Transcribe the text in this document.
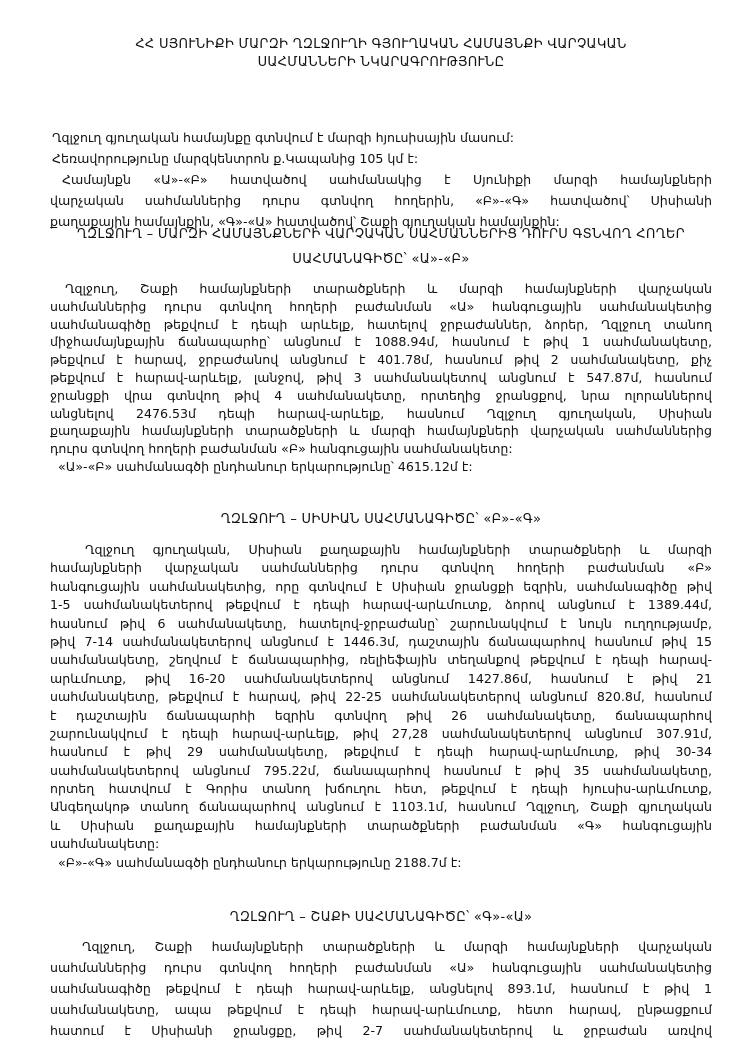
ՀՀ ՍՅՈՒՆԻՔԻ ՄԱՐԶԻ ՂԶԼՋՈՒՂԻ ԳՅՈՒՂԱԿԱՆ ՀԱՄԱՅՆՔԻ ՎԱՐՉԱԿԱՆ
ՍԱՀՄԱՆՆԵՐԻ ՆԿԱՐԱԳՐՈՒԹՅՈՒՆԸ
Ղզլջուղ գյուղական համայնքը գտնվում է մարզի հյուսիսային մասում:
Հեռավորությունը մարզկենտրոն ք.Կապանից 105 կմ է:
Համայնքն «Ա»-«Բ» հատվածով սահմանակից է Սյունիքի մարզի համայնքների
վարչական սահմաններից դուրս գտնվող հողերին, «Բ»-«Գ» հատվածով՝ Սիսիանի
քաղաքային համայնքին, «Գ»-«Ա» հատվածով՝ Շաքի գյուղական համայնքին:
ՂԶԼՋՈՒՂ – ՄԱՐԶԻ ՀԱՄԱՅՆՔՆԵՐԻ ՎԱՐՉԱԿԱՆ ՍԱՀՄԱՆՆԵՐԻՑ ԴՈՒՐՍ ԳՏՆՎՈՂ ՀՈՂԵՐ
ՍԱՀՄԱՆԱԳԻԾԸ՝ «Ա»-«Բ»
Ղզլջուղ, Շաքի համայնքների տարածքների և մարզի համայնքների վարչական
սահմաններից դուրս գտնվող հողերի բաժանման «Ա» հանգուցային սահմանակետից
սահմանագիծը թեքվում է դեպի արևելք, հատելով ջրբաժաններ, ձորեր, Ղզլջուղ տանող
միջհամայնքային ճանապարհը՝ անցնում է 1088.94մ, հասնում է թիվ 1 սահմանակետը,
թեքվում է հարավ, ջրբաժանով անցնում է 401.78մ, հասնում թիվ 2 սահմանակետը, քիչ
թեքվում է հարավ-արևելք, լանջով, թիվ 3 սահմանակետով անցնում է 547.87մ, հասնում
ջրանցքի վրա գտնվող թիվ 4 սահմանակետը, որտեղից ջրանցքով, նրա ոլորաններով
անցնելով 2476.53մ դեպի հարավ-արևելք, հասնում Ղզլջուղ գյուղական, Սիսիան
քաղաքային համայնքների տարածքների և մարզի համայնքների վարչական սահմաններից
դուրս գտնվող հողերի բաժանման «Բ» հանգուցային սահմանակետը:
«Ա»-«Բ» սահմանագծի ընդհանուր երկարությունը՝ 4615.12մ է:
ՂԶԼՋՈՒՂ – ՍԻՍԻԱՆ ՍԱՀՄԱՆԱԳԻԾԸ՝ «Բ»-«Գ»
Ղզլջուղ գյուղական, Սիսիան քաղաքային համայնքների տարածքների և մարզի
համայնքների վարչական սահմաններից դուրս գտնվող հողերի բաժանման «Բ»
հանգուցային սահմանակետից, որը գտնվում է Սիսիան ջրանցքի եզրին, սահմանագիծը թիվ
1-5 սահմանակետերով թեքվում է դեպի հարավ-արևմուտք, ձորով անցնում է 1389.44մ,
հասնում թիվ 6 սահմանակետը, հատելով-ջրբաժանը՝ շարունակվում է նույն ուղղությամբ,
թիվ 7-14 սահմանակետերով անցնում է 1446.3մ, դաշտային ճանապարհով հասնում թիվ 15
սահմանակետը, շեղվում է ճանապարհից, ռելիեֆային տեղանքով թեքվում է դեպի հարավ-
արևմուտք, թիվ 16-20 սահմանակետերով անցնում 1427.86մ, հասնում է թիվ 21
սահմանակետը, թեքվում է հարավ, թիվ 22-25 սահմանակետերով անցնում 820.8մ, հասնում
է դաշտային ճանապարհի եզրին գտնվող թիվ 26 սահմանակետը, ճանապարհով
շարունակվում է դեպի հարավ-արևելք, թիվ 27,28 սահմանակետերով անցնում 307.91մ,
հասնում է թիվ 29 սահմանակետը, թեքվում է դեպի հարավ-արևմուտք, թիվ 30-34
սահմանակետերով անցնում 795.22մ, ճանապարհով հասնում է թիվ 35 սահմանակետը,
որտեղ հատվում է Գորիս տանող խճուղու հետ, թեքվում է դեպի հյուսիս-արևմուտք,
Անգեղակոթ տանող ճանապարհով անցնում է 1103.1մ, հասնում Ղզլջուղ, Շաքի գյուղական
և Սիսիան քաղաքային համայնքների տարածքների բաժանման «Գ» հանգուցային
սահմանակետը:
«Բ»-«Գ» սահմանագծի ընդհանուր երկարությունը 2188.7մ է:
ՂԶԼՋՈՒՂ – ՇԱՔԻ ՍԱՀՄԱՆԱԳԻԾԸ՝ «Գ»-«Ա»
Ղզլջուղ, Շաքի համայնքների տարածքների և մարզի համայնքների վարչական
սահմաններից դուրս գտնվող հողերի բաժանման «Ա» հանգուցային սահմանակետից
սահմանագիծը թեքվում է դեպի հարավ-արևելք, անցնելով 893.1մ, հասնում է թիվ 1
սահմանակետը, ապա թեքվում է դեպի հարավ-արևմուտք, հետո հարավ, ընթացքում
հատում է Սիսիանի ջրանցքը, թիվ 2-7 սահմանակետերով և ջրբաժան առվով
